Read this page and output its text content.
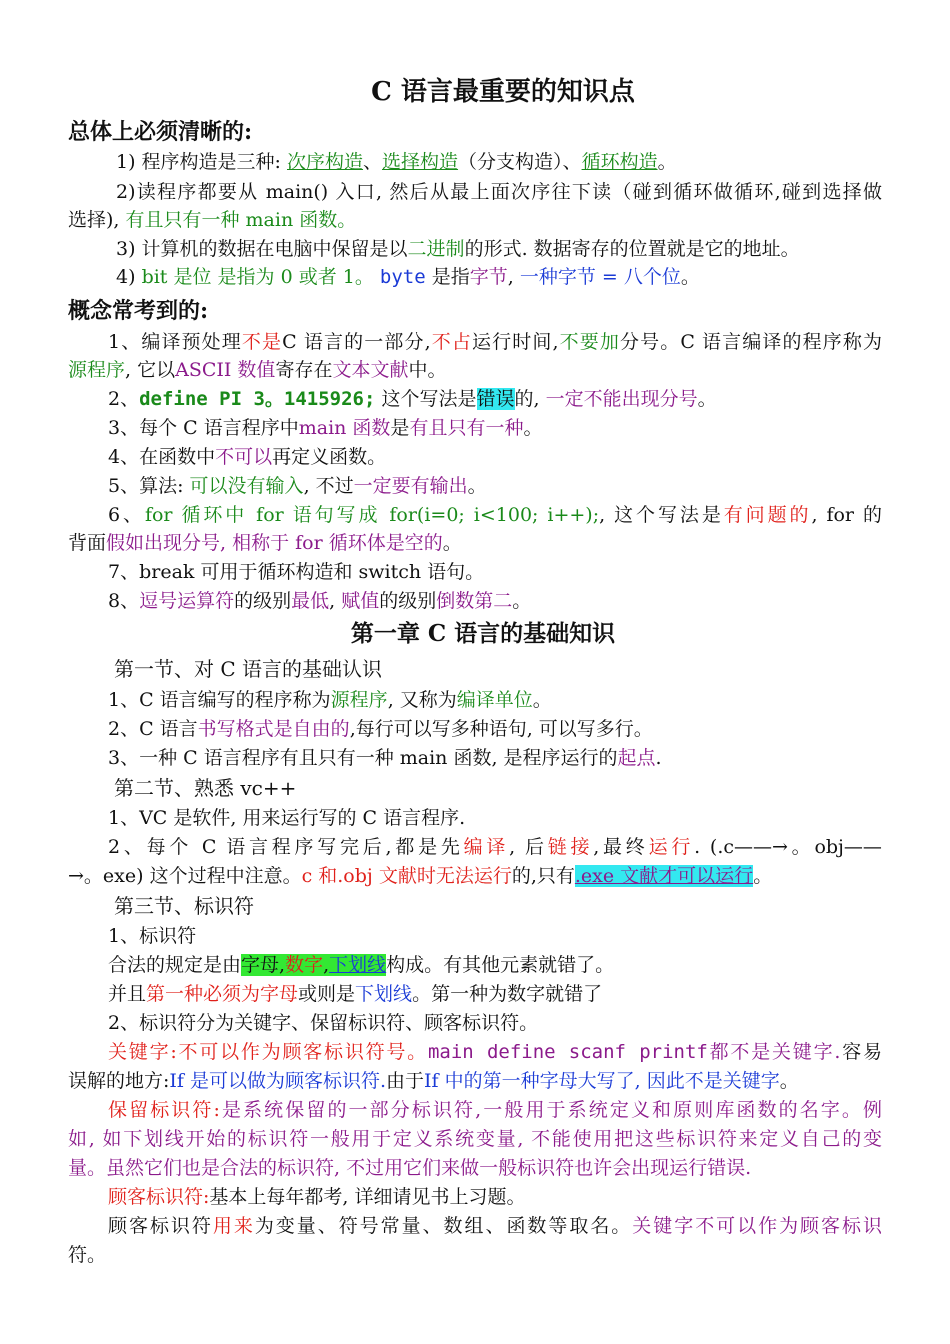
C 语言最重要的知识点
总体上必须清晰的:
1) 程序构造是三种: 次序构造、选择构造（分支构造）、循环构造。
2)读程序都要从 main() 入口, 然后从最上面次序往下读（碰到循环做循环,碰到选择做
选择), 有且只有一种 main 函数。
3) 计算机的数据在电脑中保留是以二进制的形式. 数据寄存的位置就是它的地址。
4) bit 是位 是指为 0 或者 1。 byte 是指字节, 一种字节 = 八个位。
概念常考到的:
1、编译预处理不是C 语言的一部分,不占运行时间,不要加分号。C 语言编译的程序称为
源程序, 它以ASCII 数值寄存在文本文献中。
2、define PI 3。1415926; 这个写法是错误的, 一定不能出现分号。
3、每个 C 语言程序中main 函数是有且只有一种。
4、在函数中不可以再定义函数。
5、算法: 可以没有输入, 不过一定要有输出。
6、for 循环中 for 语句写成 for(i=0; i<100; i++);, 这个写法是有问题的, for 的
背面假如出现分号, 相称于 for 循环体是空的。
7、break 可用于循环构造和 switch 语句。
8、逗号运算符的级别最低, 赋值的级别倒数第二。
第一章 C 语言的基础知识
第一节、对 C 语言的基础认识
1、C 语言编写的程序称为源程序, 又称为编译单位。
2、C 语言书写格式是自由的,每行可以写多种语句, 可以写多行。
3、一种 C 语言程序有且只有一种 main 函数, 是程序运行的起点.
第二节、熟悉 vc++
1、VC 是软件, 用来运行写的 C 语言程序.
2、每个 C 语言程序写完后,都是先编译, 后链接,最终运行. (.c——→。obj——
→。exe) 这个过程中注意。c 和.obj 文献时无法运行的,只有.exe 文献才可以运行。
第三节、标识符
1、标识符
合法的规定是由字母,数字,下划线构成。有其他元素就错了。
并且第一种必须为字母或则是下划线。第一种为数字就错了
2、标识符分为关键字、保留标识符、顾客标识符。
关键字:不可以作为顾客标识符号。main define scanf printf都不是关键字.容易
误解的地方:If 是可以做为顾客标识符.由于If 中的第一种字母大写了, 因此不是关键字。
保留标识符:是系统保留的一部分标识符,一般用于系统定义和原则库函数的名字。例
如, 如下划线开始的标识符一般用于定义系统变量, 不能使用把这些标识符来定义自己的变
量。虽然它们也是合法的标识符, 不过用它们来做一般标识符也许会出现运行错误.
顾客标识符:基本上每年都考, 详细请见书上习题。
顾客标识符用来为变量、符号常量、数组、函数等取名。关键字不可以作为顾客标识
符。
